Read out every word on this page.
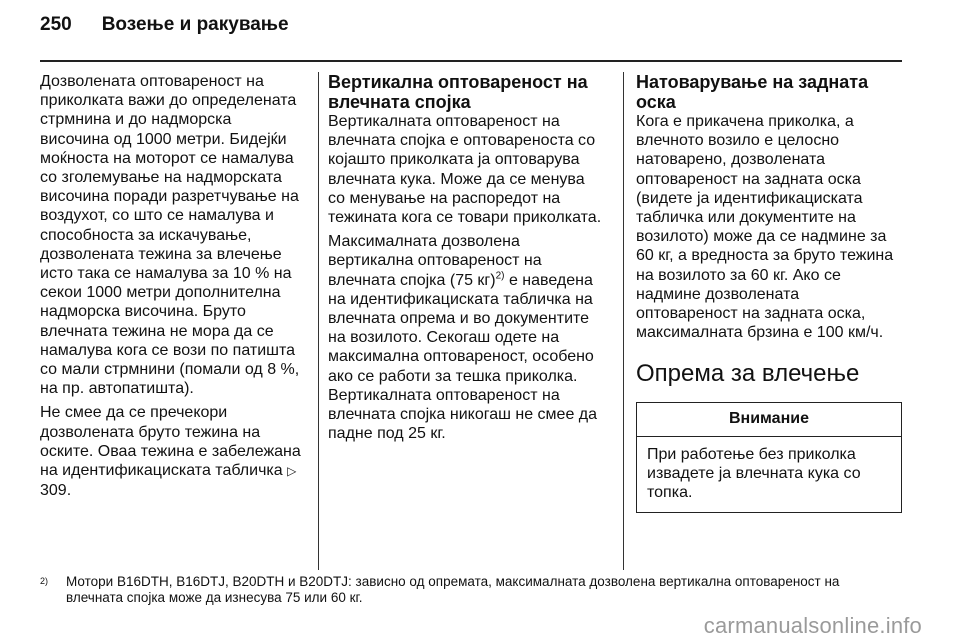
250 Возење и ракување

Дозволената оптовареност на приколката важи до определената стрмнина и до надморска височина од 1000 метри. Бидејќи моќноста на моторот се намалува со зголемувањe на надморската височина поради разретчувањe на воздухот, со што се намалува и способноста за искачувањe, дозволената тежина за влечење исто така се намалува за 10 % на секои 1000 метри дополнителна надморска височина. Бруто влечната тежина не мора да се намалува кога се вози по патишта со мали стрмнини (помали од 8 %, на пр. автопатишта).

Не смее да се пречекори дозволената бруто тежина на оските. Оваа тежина е забележана на идентификациската табличка ▷309.

Вертикална оптовареност на влечната спојка

Вертикалната оптовареност на влечната спојка е оптовареноста со којашто приколката ја оптоварува влечната кука. Може да се менува со менувањe на распоредот на тежината кога се товари приколката.

Максималната дозволена вертикална оптовареност на влечната спојка (75 кг)$^{2)}$ е наведена на идентификациската табличка на влечната опрема и во документите на возилото. Секогаш одете на максимална оптовареност, особено ако се работи за тешка приколка. Вертикалната оптовареност на влечната спојка никогаш не смее да падне под 25 кг.

Натоварувањe на задната оска

Кога е прикачена приколка, а влечното возило е целосно натоварено, дозволената оптовареност на задната оска (видете ја идентификациската табличка или документите на возилото) може да се надмине за 60 кг, а вредноста за бруто тежина на возилото за 60 кг. Ако се надмине дозволената оптовареност на задната оска, максималната брзина е 100 км/ч.

Опрема за влечење
Внимание
При работењe без приколка извадете ја влечната кука со топка.
2)	Мотори B16DTH, B16DTJ, B20DTH и B20DTJ: зависно од опремата, максималната дозволена вертикална оптовареност на влечната спојка може да изнесува 75 или 60 кг.
carmanualsonline.info
